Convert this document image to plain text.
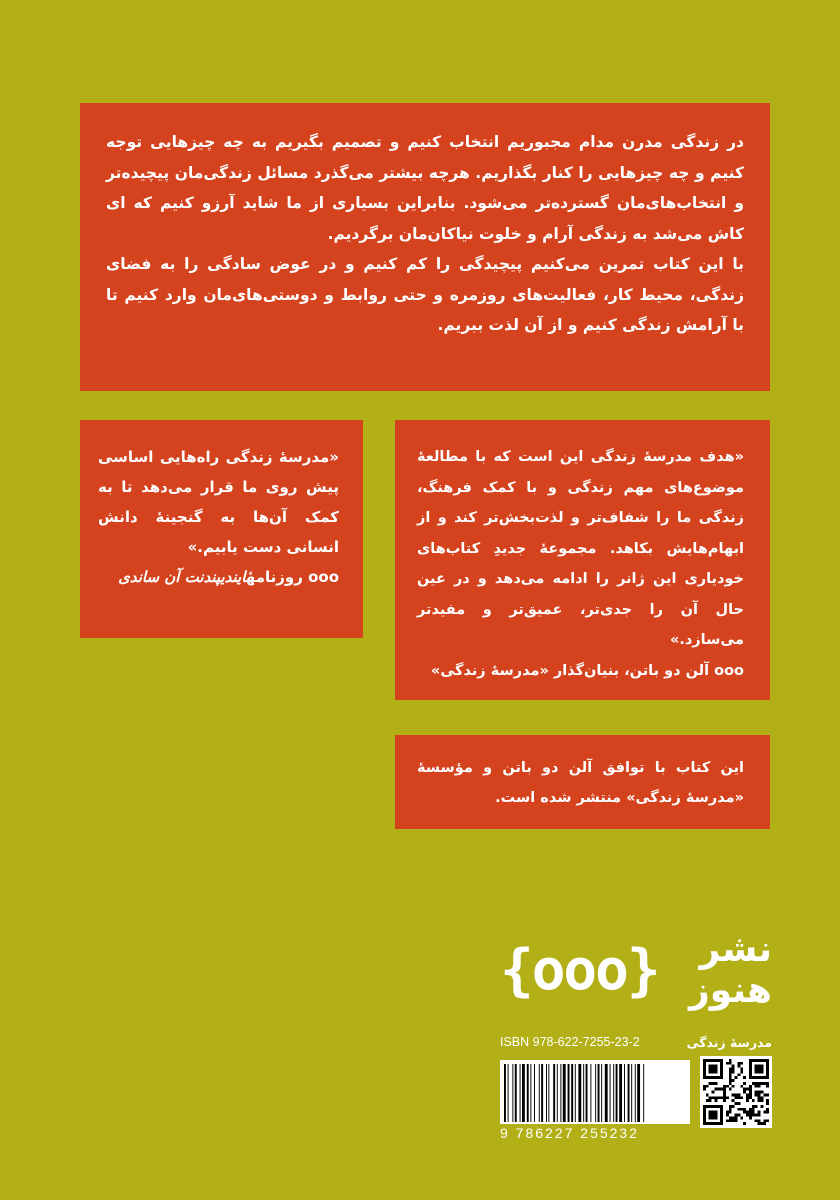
در زندگی مدرن مدام مجبوریم انتخاب کنیم و تصمیم بگیریم به چه چیزهایی توجه کنیم و چه چیزهایی را کنار بگذاریم. هرچه بیشتر می‌گذرد مسائل زندگی‌مان پیچیده‌تر و انتخاب‌های‌مان گسترده‌تر می‌شود. بنابراین بسیاری از ما شاید آرزو کنیم که ای کاش می‌شد به زندگی آرام و خلوت نیاکان‌مان برگردیم.

با این کتاب تمرین می‌کنیم پیچیدگی را کم کنیم و در عوض سادگی را به فضای زندگی، محیط کار، فعالیت‌های روزمره و حتی روابط و دوستی‌های‌مان وارد کنیم تا با آرامش زندگی کنیم و از آن لذت ببریم.

«مدرسهٔ زندگی راه‌هایی اساسی پیش روی ما قرار می‌دهد تا به کمک آن‌ها به گنجینهٔ دانش انسانی دست یابیم.»

ooo روزنامهٔایندیپندنت آن ساندی

«هدف مدرسهٔ زندگی این است که با مطالعهٔ موضوع‌های مهم زندگی و با کمک فرهنگ، زندگی ما را شفاف‌تر و لذت‌بخش‌تر کند و از ابهام‌هایش بکاهد. مجموعهٔ جدیدِ کتاب‌های خودیاری این ژانر را ادامه می‌دهد و در عین حال آن را جدی‌تر، عمیق‌تر و مفیدتر می‌سازد.»

ooo آلن دو باتن، بنیان‌گذار «مدرسهٔ زندگی»

این کتاب با توافق آلن دو باتن و مؤسسهٔ «مدرسهٔ زندگی» منتشر شده است.

{ooo}	نشر هنوز
ISBN 978-622-7255-23-2	مدرسهٔ زندگی
9 786227 255232
